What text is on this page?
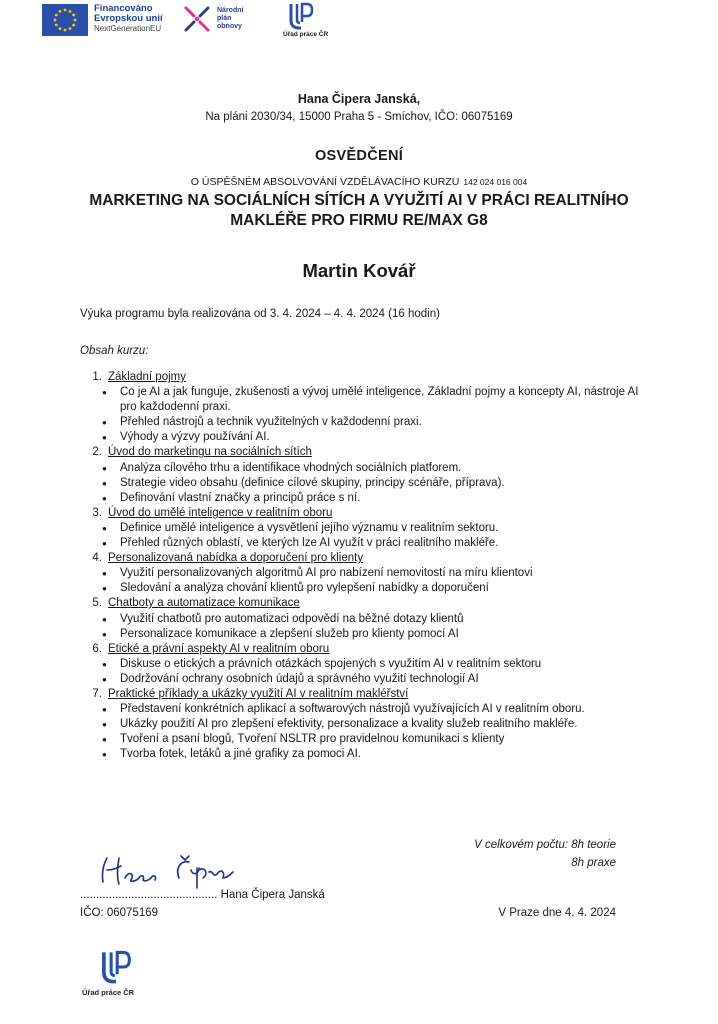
Financováno
Evropskou unií
NextGenerationEU
Národní
plán
obnovy
Úřad práce ČR
Hana Čipera Janská,
Na pláni 2030/34, 15000 Praha 5 - Smíchov, IČO: 06075169
OSVĚDČENÍ
O ÚSPĚŠNÉM ABSOLVOVÁNÍ VZDĚLÁVACÍHO KURZU 142 024 016 004
MARKETING NA SOCIÁLNÍCH SÍTÍCH A VYUŽITÍ AI V PRÁCI REALITNÍHO MAKLÉŘE PRO FIRMU RE/MAX G8
Martin Kovář
Výuka programu byla realizována od 3. 4. 2024 – 4. 4. 2024 (16 hodin)
Obsah kurzu:
1. Základní pojmy
● Co je AI a jak funguje, zkušenosti a vývoj umělé inteligence, Základní pojmy a koncepty AI, nástroje AI pro každodenní praxi.
● Přehled nástrojů a technik využitelných v každodenní praxi.
● Výhody a výzvy používání AI.
2. Úvod do marketingu na sociálních sítích
● Analýza cílového trhu a identifikace vhodných sociálních platforem.
● Strategie video obsahu (definice cílové skupiny, principy scénáře, příprava).
● Definování vlastní značky a principů práce s ní.
3. Úvod do umělé inteligence v realitním oboru
● Definice umělé inteligence a vysvětlení jejího významu v realitním sektoru.
● Přehled různých oblastí, ve kterých lze AI využít v práci realitního makléře.
4. Personalizovaná nabídka a doporučení pro klienty
● Využití personalizovaných algoritmů AI pro nabízení nemovitostí na míru klientovi
● Sledování a analýza chování klientů pro vylepšení nabídky a doporučení
5. Chatboty a automatizace komunikace
● Využití chatbotů pro automatizaci odpovědí na běžné dotazy klientů
● Personalizace komunikace a zlepšení služeb pro klienty pomocí AI
6. Etické a právní aspekty AI v realitním oboru
● Diskuse o etických a právních otázkách spojených s využitím AI v realitním sektoru
● Dodržování ochrany osobních údajů a správného využití technologií AI
7. Praktické příklady a ukázky využití AI v realitním makléřství
● Představení konkrétních aplikací a softwarových nástrojů využívajících AI v realitním oboru.
● Ukázky použití AI pro zlepšení efektivity, personalizace a kvality služeb realitního makléře.
● Tvoření a psaní blogů, Tvoření NSLTR pro pravidelnou komunikaci s klienty
● Tvorba fotek, letáků a jiné grafiky za pomoci AI.
V celkovém počtu: 8h teorie
8h praxe
........................................... Hana Čipera Janská
IČO: 06075169	V Praze dne 4. 4. 2024
Úřad práce ČR
